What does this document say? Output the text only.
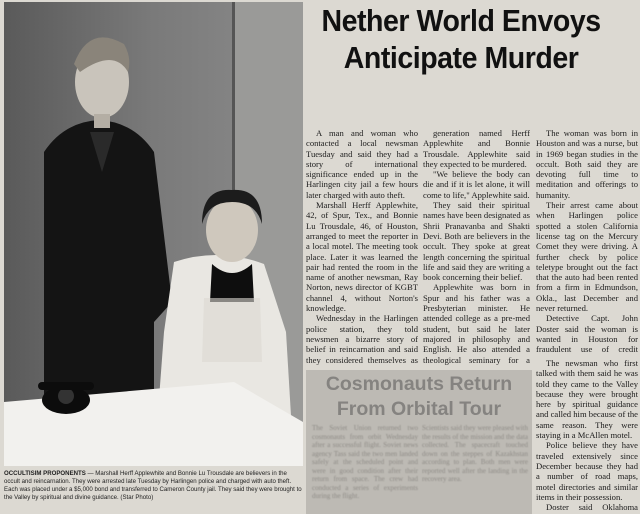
OCCULTISIM PROPONENTS — Marshall Herff Applewhite and Bonnie Lu Trousdale are believers in the occult and reincarnation. They were arrested late Tuesday by Harlingen police and charged with auto theft. Each was placed under a $5,000 bond and transferred to Cameron County jail. They said they were brought to the Valley by spiritual and divine guidance. (Star Photo)
Nether World Envoys
Anticipate Murder

A man and woman who contacted a local newsman Tuesday and said they had a story of international significance ended up in the Harlingen city jail a few hours later charged with auto theft.

Marshall Herff Applewhite, 42, of Spur, Tex., and Bonnie Lu Trousdale, 46, of Houston, arranged to meet the reporter in a local motel. The meeting took place. Later it was learned the pair had rented the room in the name of another newsman, Ray Norton, news director of KGBT channel 4, without Norton's knowledge.

Wednesday in the Harlingen police station, they told newsmen a bizarre story of belief in reincarnation and said they considered themselves as

generation named Herff Applewhite and Bonnie Trousdale. Applewhite said they expected to be murdered.

"We believe the body can die and if it is let alone, it will come to life," Applewhite said.

They said their spiritual names have been designated as Shrii Pranavanba and Shakti Devi. Both are believers in the occult. They spoke at great length concerning the spiritual life and said they are writing a book concerning their belief.

Applewhite was born in Spur and his father was a Presbyterian minister. He attended college as a pre-med student, but said he later majored in philosophy and English. He also attended a theological seminary for a

The woman was born in Houston and was a nurse, but in 1969 began studies in the occult. Both said they are devoting full time to meditation and offerings to humanity.

Their arrest came about when Harlingen police spotted a stolen California license tag on the Mercury Comet they were driving. A further check by police teletype brought out the fact that the auto had been rented from a firm in Edmundson, Okla., last December and never returned.

Detective Capt. John Doster said the woman is wanted in Houston for fraudulent use of credit

The newsman who first talked with them said he was told they came to the Valley because they were brought here by spiritual guidance and called him because of the same reason. They were staying in a McAllen motel.

Police believe they have traveled extensively since December because they had a number of road maps, motel directories and similar items in their possession.

Doster said Oklahoma

Cosmonauts Return
From Orbital Tour
The Soviet Union returned two cosmonauts from orbit Wednesday after a successful flight. Soviet news agency Tass said the two men landed safely at the scheduled point and were in good condition after their return from space. The crew had conducted a series of experiments during the flight.
Scientists said they were pleased with the results of the mission and the data collected. The spacecraft touched down on the steppes of Kazakhstan according to plan. Both men were reported well after the landing in the recovery area.
